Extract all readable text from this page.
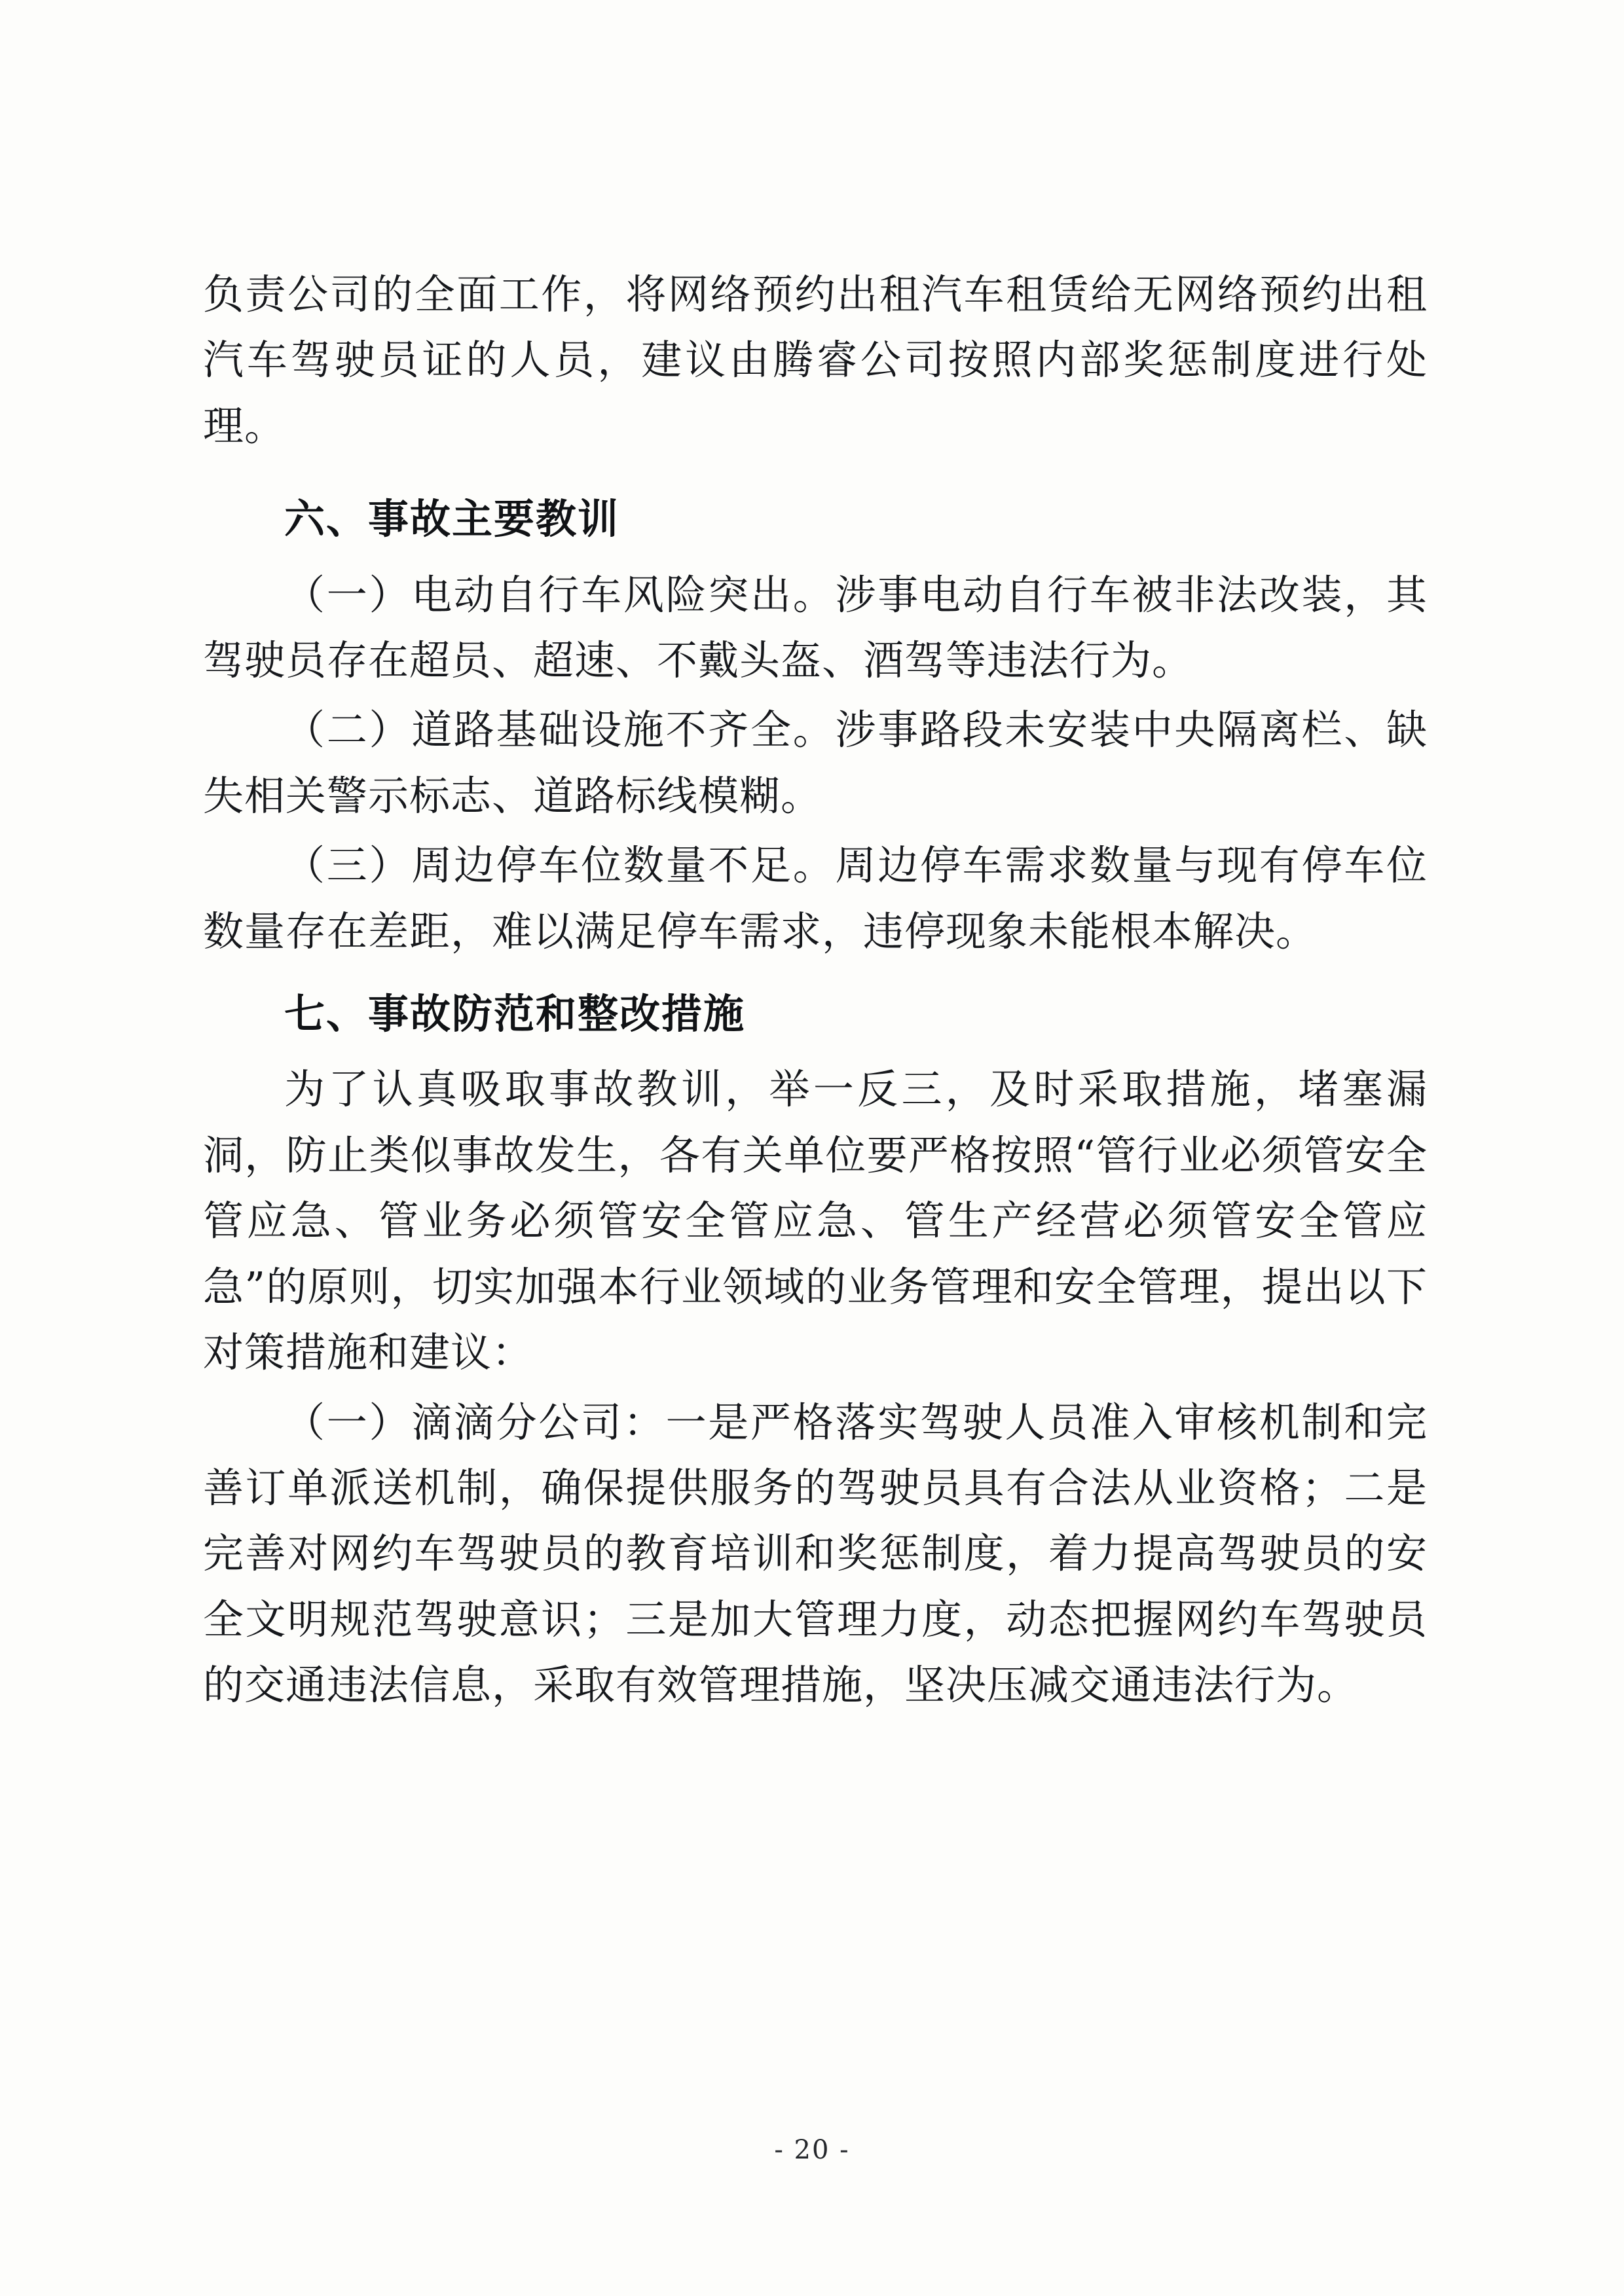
负责公司的全面工作，将网络预约出租汽车租赁给无网络预约出租汽车驾驶员证的人员，建议由腾睿公司按照内部奖惩制度进行处理。

六、事故主要教训

（一）电动自行车风险突出。涉事电动自行车被非法改装，其驾驶员存在超员、超速、不戴头盔、酒驾等违法行为。

（二）道路基础设施不齐全。涉事路段未安装中央隔离栏、缺失相关警示标志、道路标线模糊。

（三）周边停车位数量不足。周边停车需求数量与现有停车位数量存在差距，难以满足停车需求，违停现象未能根本解决。

七、事故防范和整改措施

为了认真吸取事故教训，举一反三，及时采取措施，堵塞漏洞，防止类似事故发生，各有关单位要严格按照“管行业必须管安全管应急、管业务必须管安全管应急、管生产经营必须管安全管应急”的原则，切实加强本行业领域的业务管理和安全管理，提出以下对策措施和建议：

（一）滴滴分公司：一是严格落实驾驶人员准入审核机制和完善订单派送机制，确保提供服务的驾驶员具有合法从业资格；二是完善对网约车驾驶员的教育培训和奖惩制度，着力提高驾驶员的安全文明规范驾驶意识；三是加大管理力度，动态把握网约车驾驶员的交通违法信息，采取有效管理措施，坚决压减交通违法行为。

- 20 -
